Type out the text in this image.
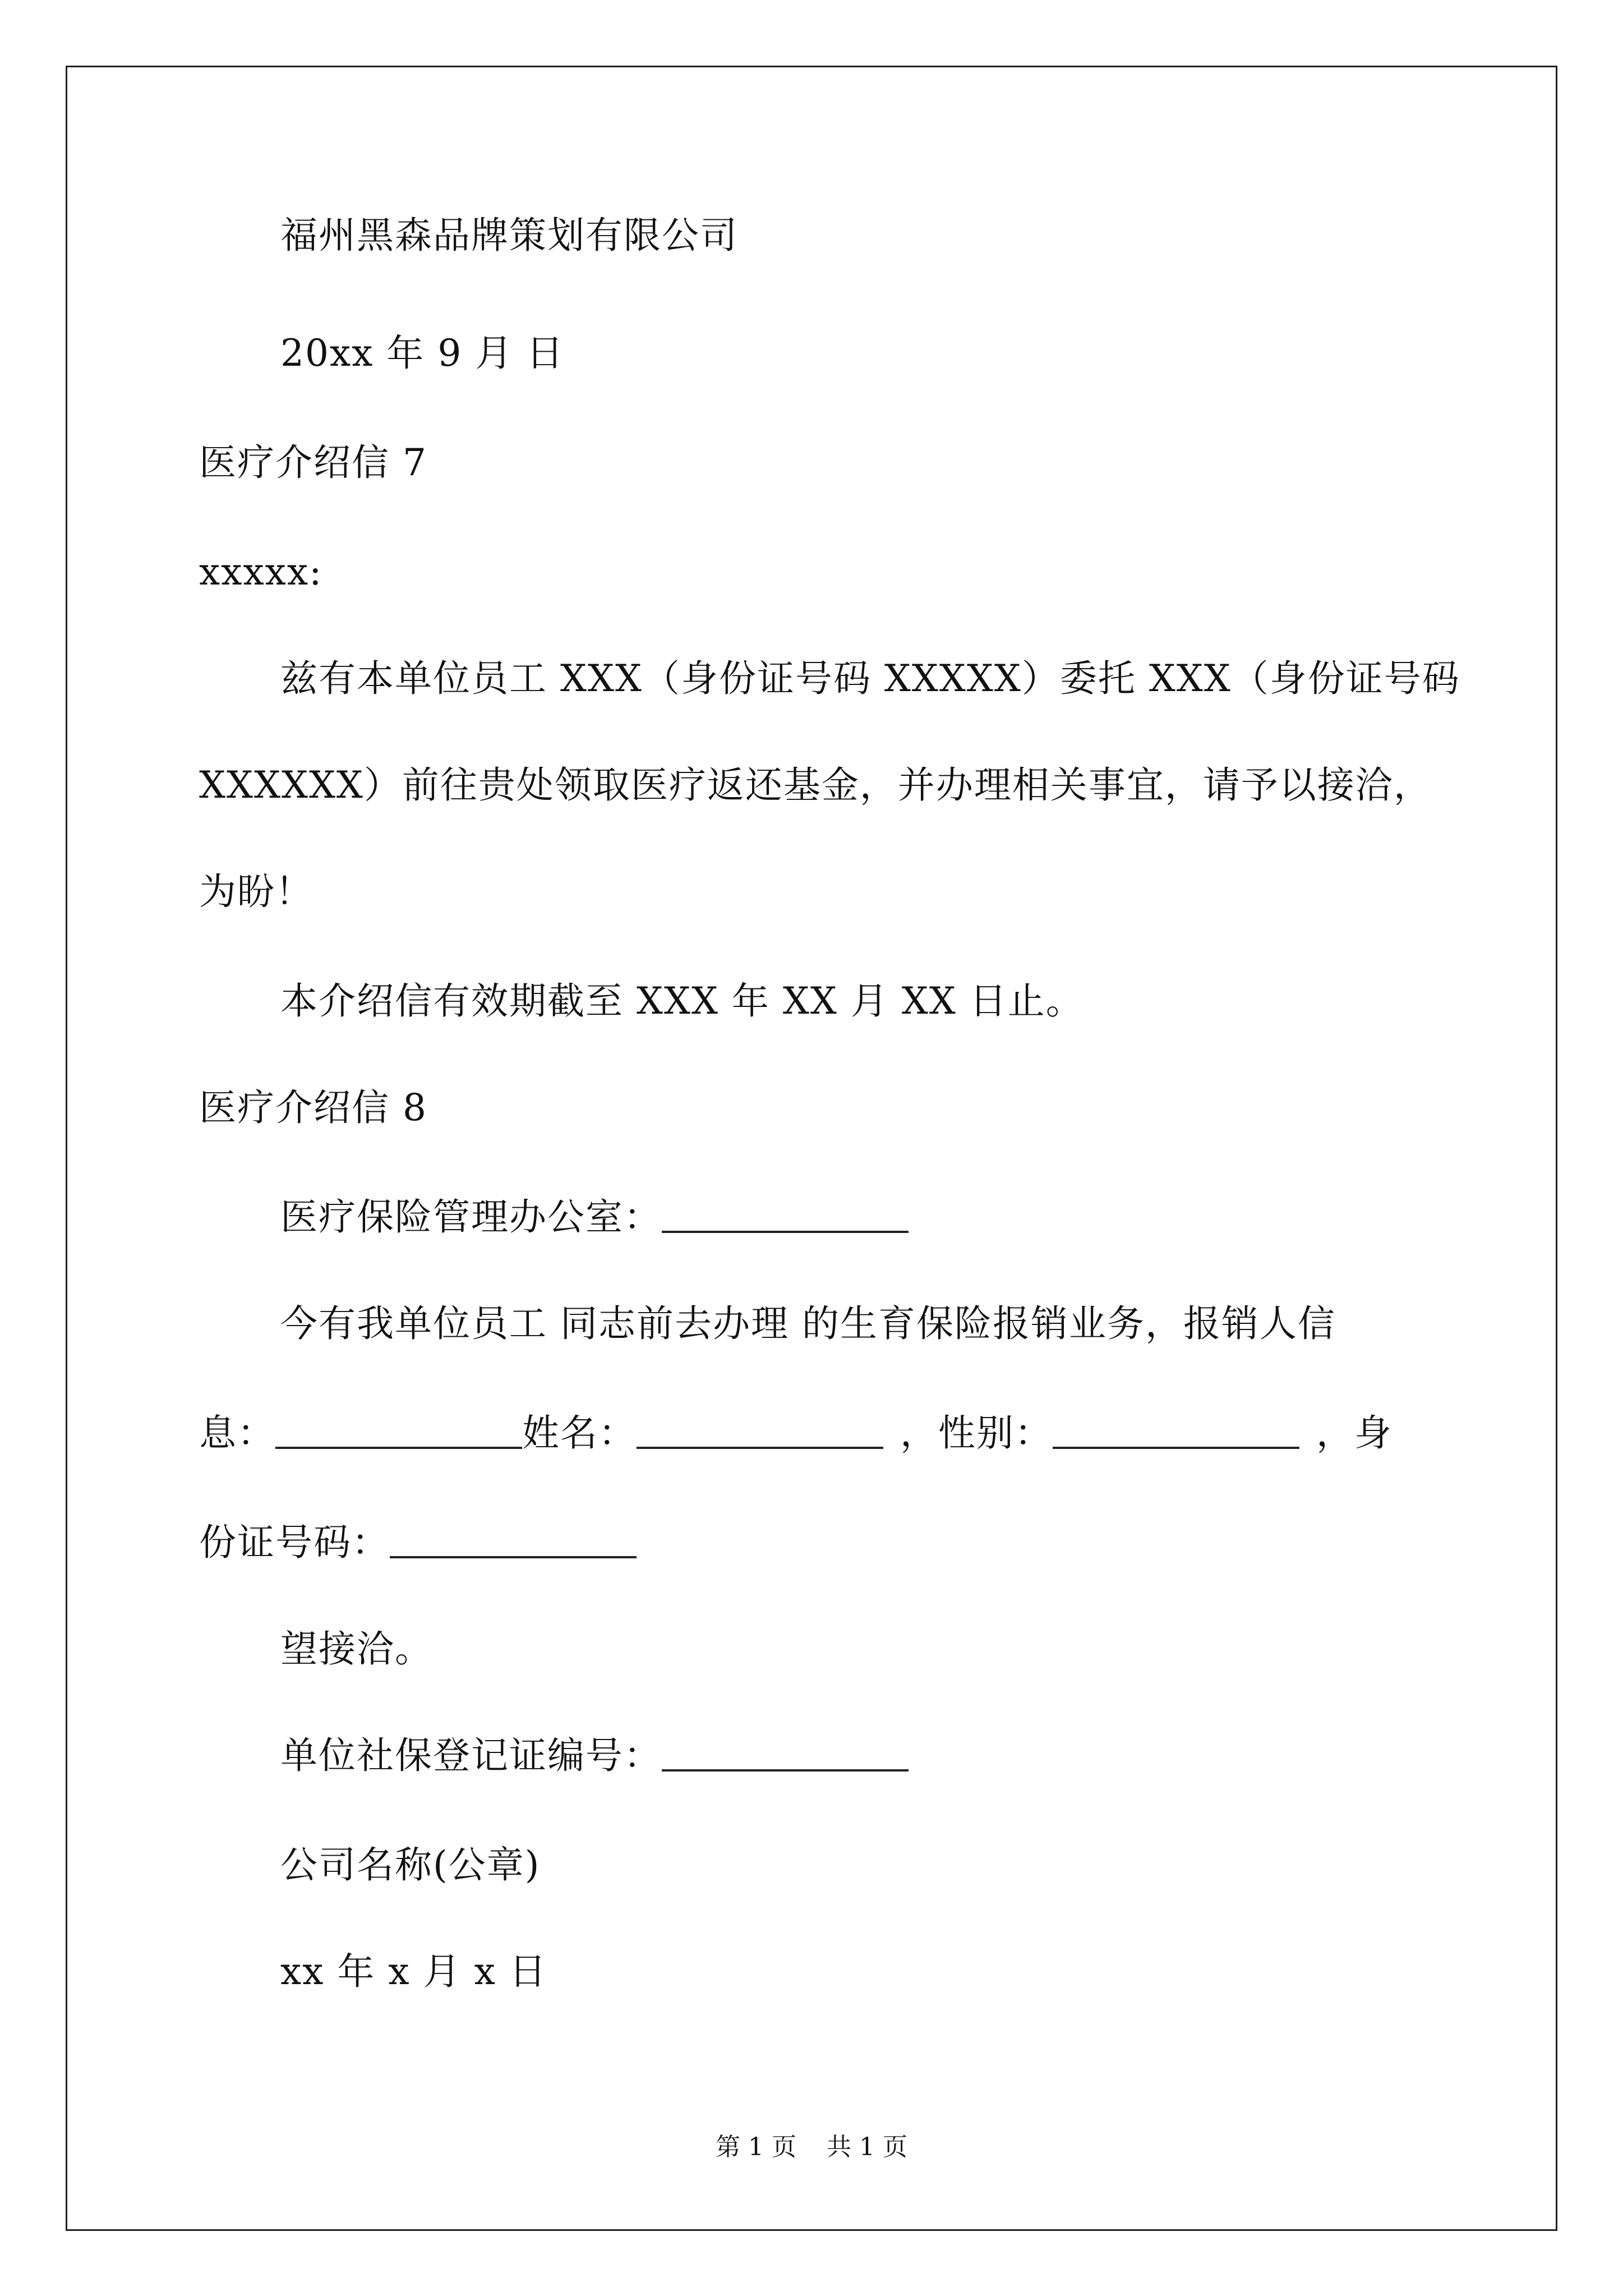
福州黑森品牌策划有限公司
20xx 年 9 月 日
医疗介绍信 7
xxxxx:
兹有本单位员工 XXX（身份证号码 XXXXX）委托 XXX（身份证号码
XXXXXX）前往贵处领取医疗返还基金，并办理相关事宜，请予以接洽，
为盼！
本介绍信有效期截至 XXX 年 XX 月 XX 日止。
医疗介绍信 8
医疗保险管理办公室：
今有我单位员工 同志前去办理 的生育保险报销业务，报销人信
息：	姓名：	，性别：	，身
份证号码：
望接洽。
单位社保登记证编号：
公司名称(公章)
xx 年 x 月 x 日
第 1 页 共 1 页
